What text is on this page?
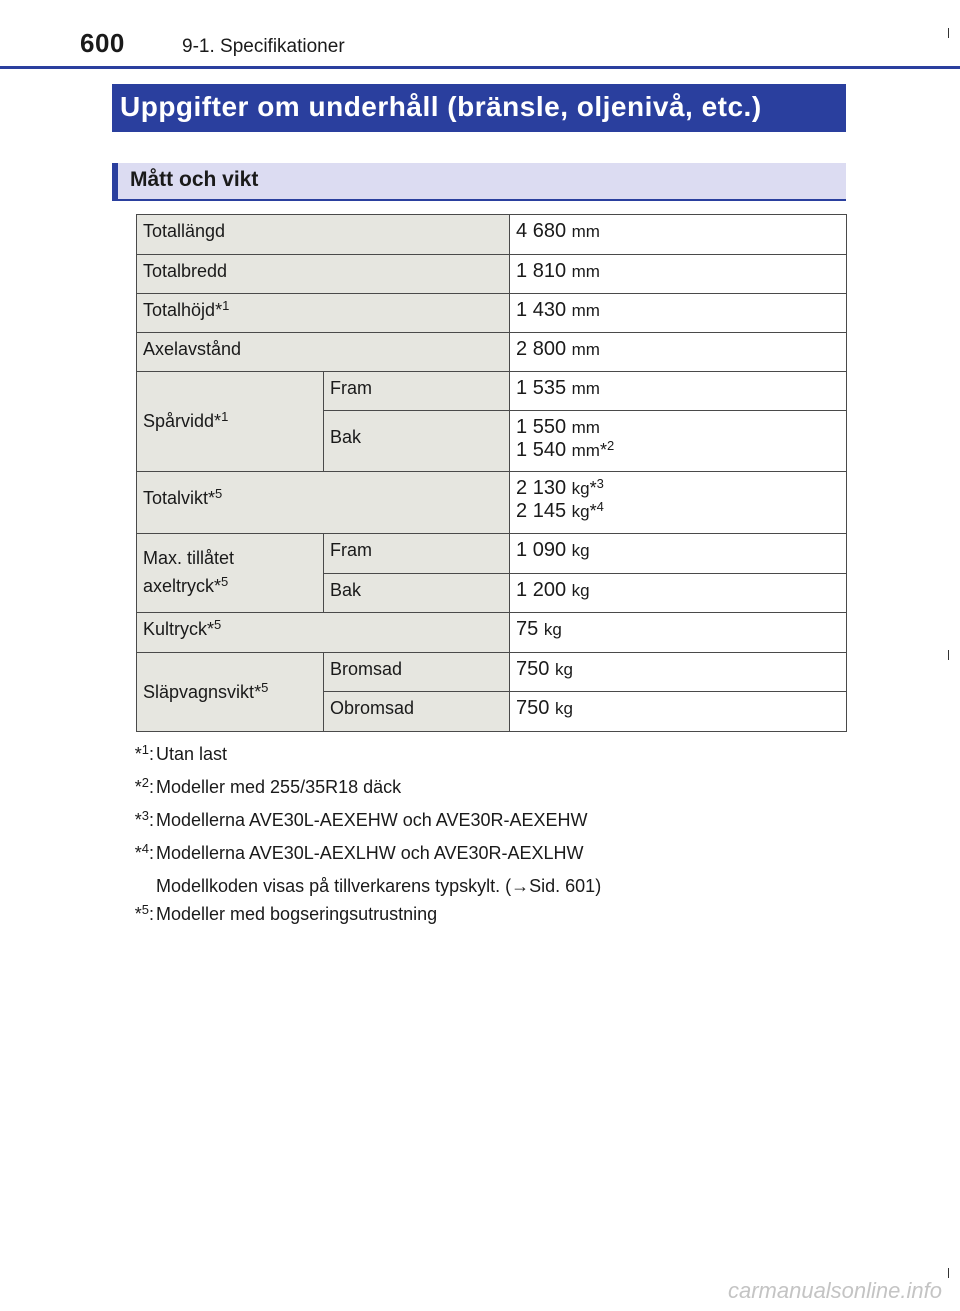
600	9-1. Specifikationer
Uppgifter om underhåll (bränsle, oljenivå, etc.)
Mått och vikt
Totallängd		4 680 mm
Totalbredd		1 810 mm
Totalhöjd*$^1$		1 430 mm
Axelavstånd		2 800 mm
Spårvidd*$^1$	Fram	1 535 mm
	Bak	1 550 mm
1 540 mm*$^2$

Totalvikt*$^5$		2 130 kg*$^3$
2 145 kg*$^4$

Max. tillåtet
axeltryck*$^5$	Fram	1 090 kg
	Bak	1 200 kg
Kultryck*$^5$		75 kg
Släpvagnsvikt*$^5$	Bromsad	750 kg
	Obromsad	750 kg
*$^1$: Utan last
*$^2$: Modeller med 255/35R18 däck
*$^3$: Modellerna AVE30L-AEXEHW och AVE30R-AEXEHW
*$^4$: Modellerna AVE30L-AEXLHW och AVE30R-AEXLHW
Modellkoden visas på tillverkarens typskylt. (→Sid. 601)
*$^5$: Modeller med bogseringsutrustning
carmanualsonline.info
